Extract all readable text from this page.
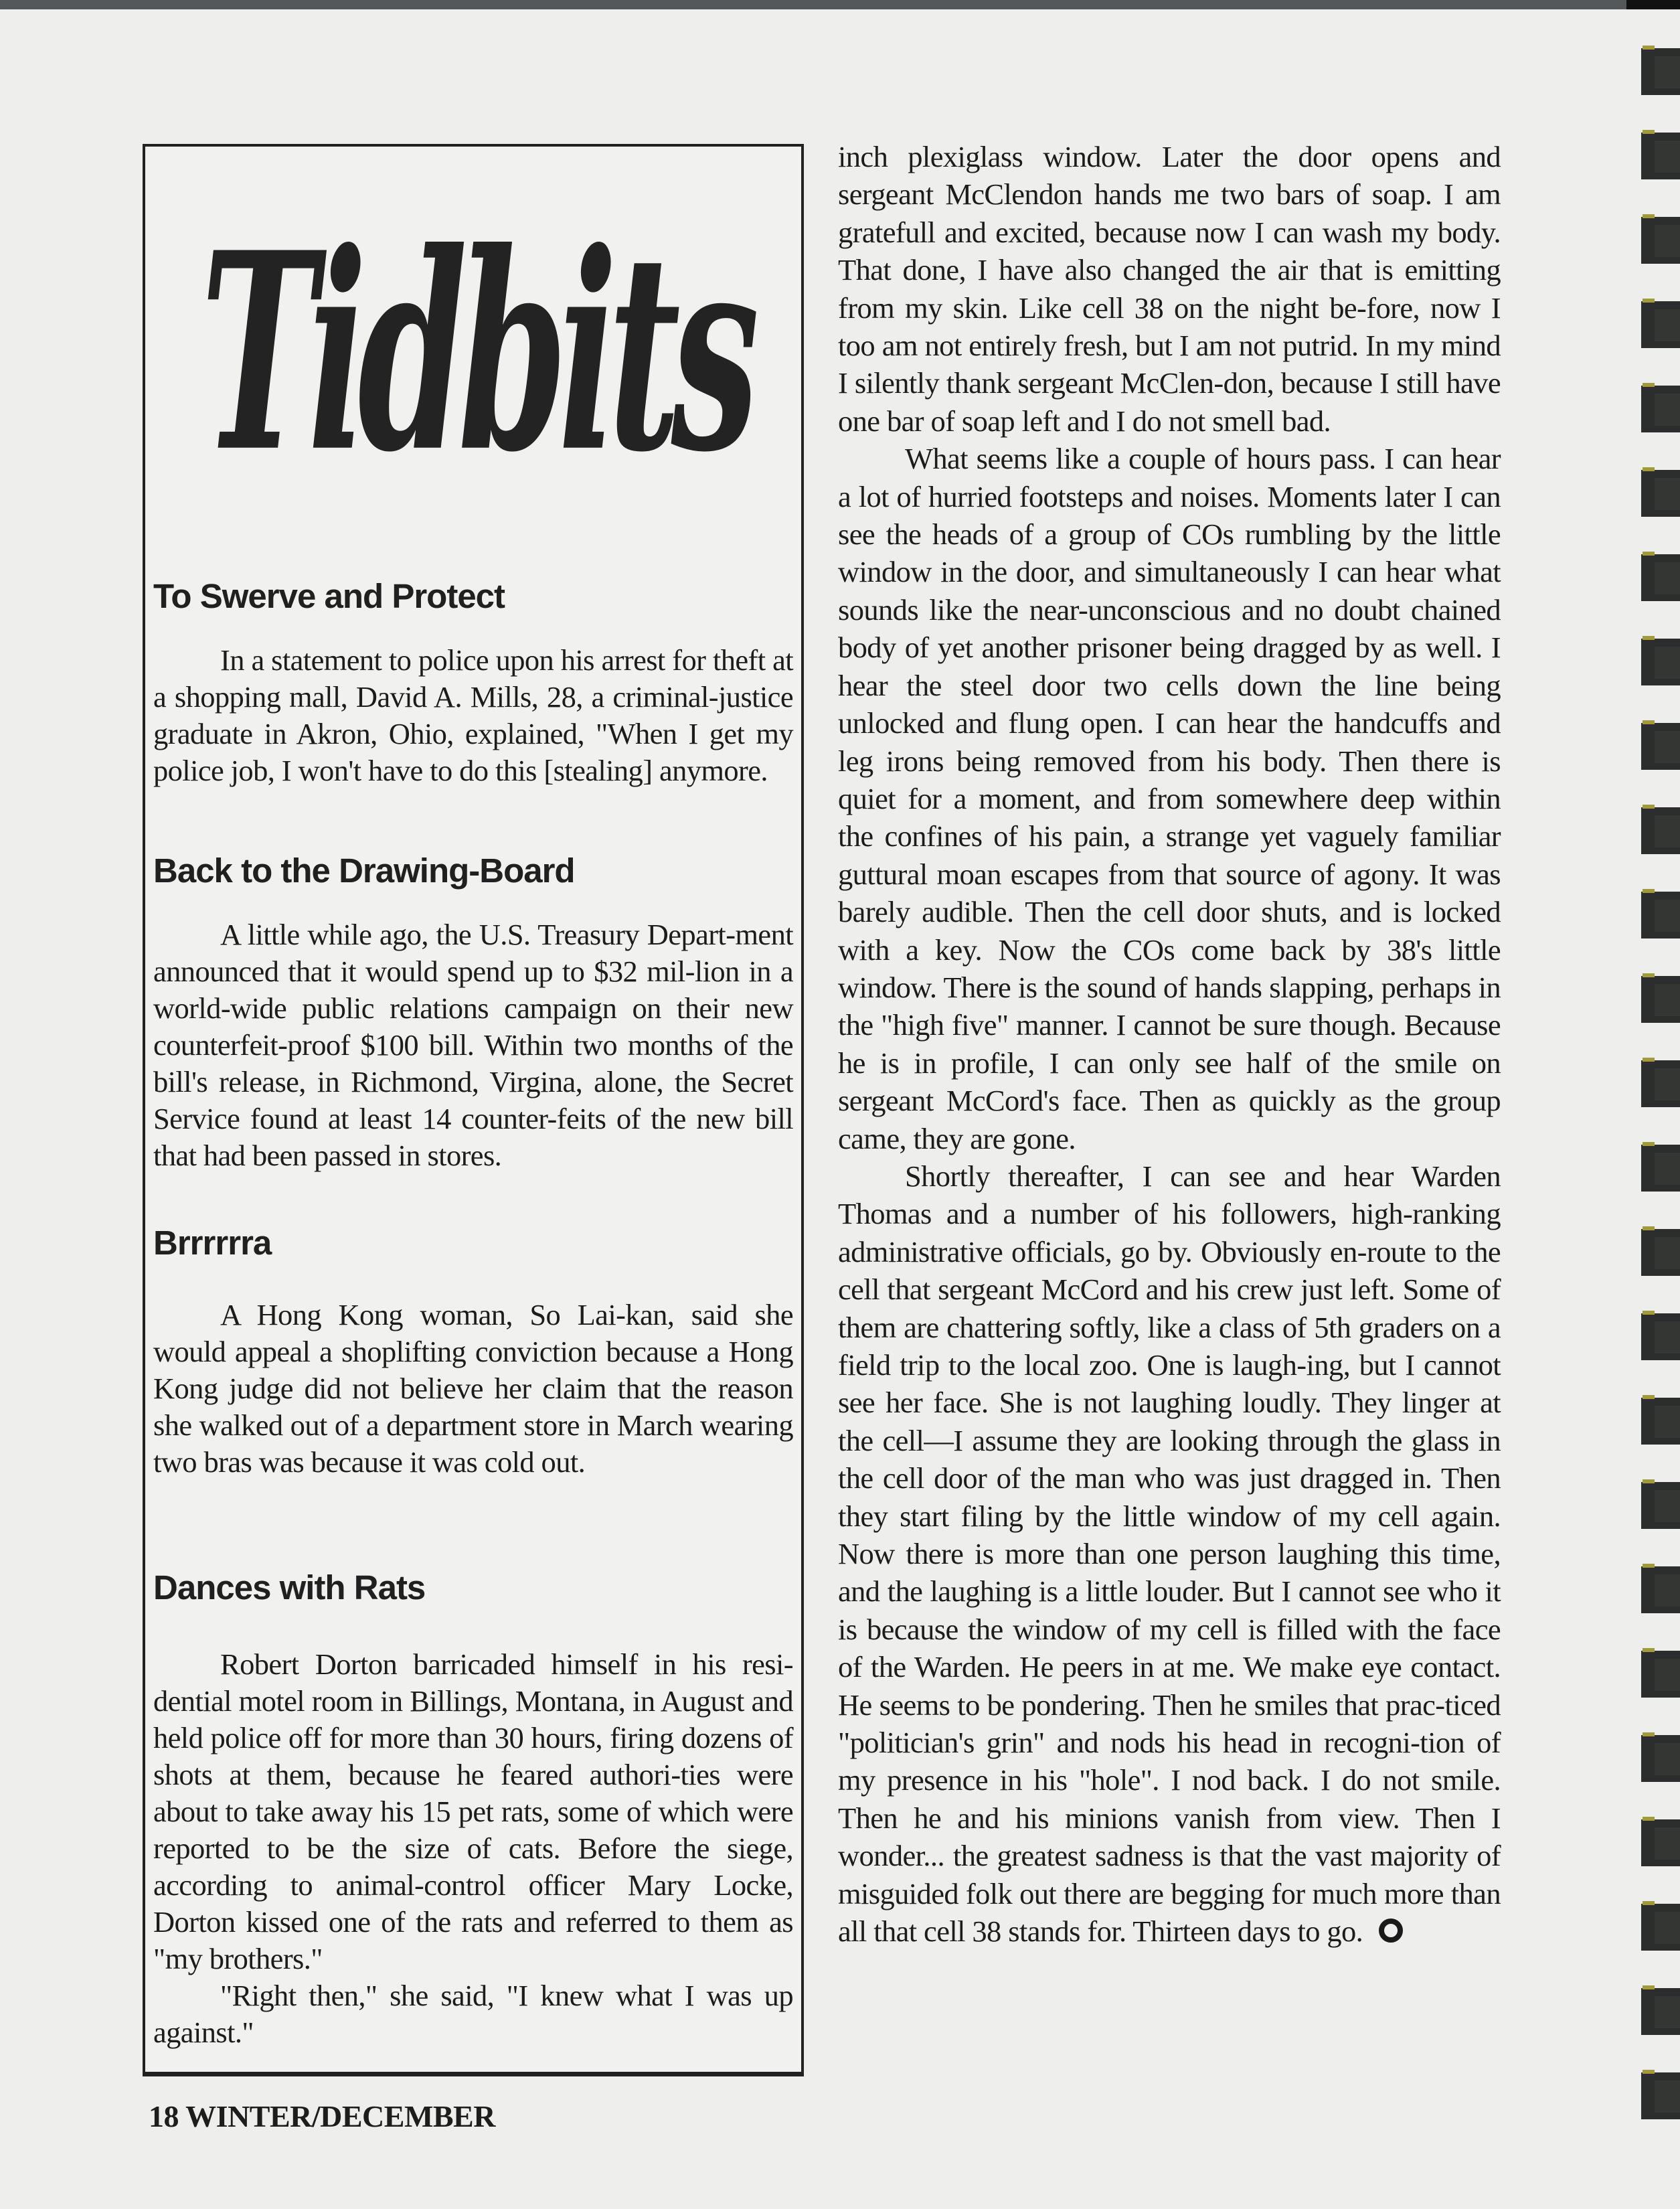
Tidbits
To Swerve and Protect

In a statement to police upon his arrest for theft at a shopping mall, David A. Mills, 28, a criminal-justice graduate in Akron, Ohio, explained, "When I get my police job, I won't have to do this [stealing] anymore.

Back to the Drawing-Board

A little while ago, the U.S. Treasury Depart-ment announced that it would spend up to $32 mil-lion in a world-wide public relations campaign on their new counterfeit-proof $100 bill. Within two months of the bill's release, in Richmond, Virgina, alone, the Secret Service found at least 14 counter-feits of the new bill that had been passed in stores.

Brrrrrra

A Hong Kong woman, So Lai-kan, said she would appeal a shoplifting conviction because a Hong Kong judge did not believe her claim that the reason she walked out of a department store in March wearing two bras was because it was cold out.

Dances with Rats

Robert Dorton barricaded himself in his resi-dential motel room in Billings, Montana, in August and held police off for more than 30 hours, firing dozens of shots at them, because he feared authori-ties were about to take away his 15 pet rats, some of which were reported to be the size of cats. Before the siege, according to animal-control officer Mary Locke, Dorton kissed one of the rats and referred to them as "my brothers."

"Right then," she said, "I knew what I was up against."

inch plexiglass window. Later the door opens and sergeant McClendon hands me two bars of soap. I am gratefull and excited, because now I can wash my body. That done, I have also changed the air that is emitting from my skin. Like cell 38 on the night be-fore, now I too am not entirely fresh, but I am not putrid. In my mind I silently thank sergeant McClen-don, because I still have one bar of soap left and I do not smell bad.

What seems like a couple of hours pass. I can hear a lot of hurried footsteps and noises. Moments later I can see the heads of a group of COs rumbling by the little window in the door, and simultaneously I can hear what sounds like the near-unconscious and no doubt chained body of yet another prisoner being dragged by as well. I hear the steel door two cells down the line being unlocked and flung open. I can hear the handcuffs and leg irons being removed from his body. Then there is quiet for a moment, and from somewhere deep within the confines of his pain, a strange yet vaguely familiar guttural moan escapes from that source of agony. It was barely audible. Then the cell door shuts, and is locked with a key. Now the COs come back by 38's little window. There is the sound of hands slapping, perhaps in the "high five" manner. I cannot be sure though. Because he is in profile, I can only see half of the smile on sergeant McCord's face. Then as quickly as the group came, they are gone.

Shortly thereafter, I can see and hear Warden Thomas and a number of his followers, high-ranking administrative officials, go by. Obviously en-route to the cell that sergeant McCord and his crew just left. Some of them are chattering softly, like a class of 5th graders on a field trip to the local zoo. One is laugh-ing, but I cannot see her face. She is not laughing loudly. They linger at the cell—I assume they are looking through the glass in the cell door of the man who was just dragged in. Then they start filing by the little window of my cell again. Now there is more than one person laughing this time, and the laughing is a little louder. But I cannot see who it is because the window of my cell is filled with the face of the Warden. He peers in at me. We make eye contact. He seems to be pondering. Then he smiles that prac-ticed "politician's grin" and nods his head in recogni-tion of my presence in his "hole". I nod back. I do not smile. Then he and his minions vanish from view. Then I wonder... the greatest sadness is that the vast majority of misguided folk out there are begging for much more than all that cell 38 stands for. Thirteen days to go.

18 WINTER/DECEMBER
